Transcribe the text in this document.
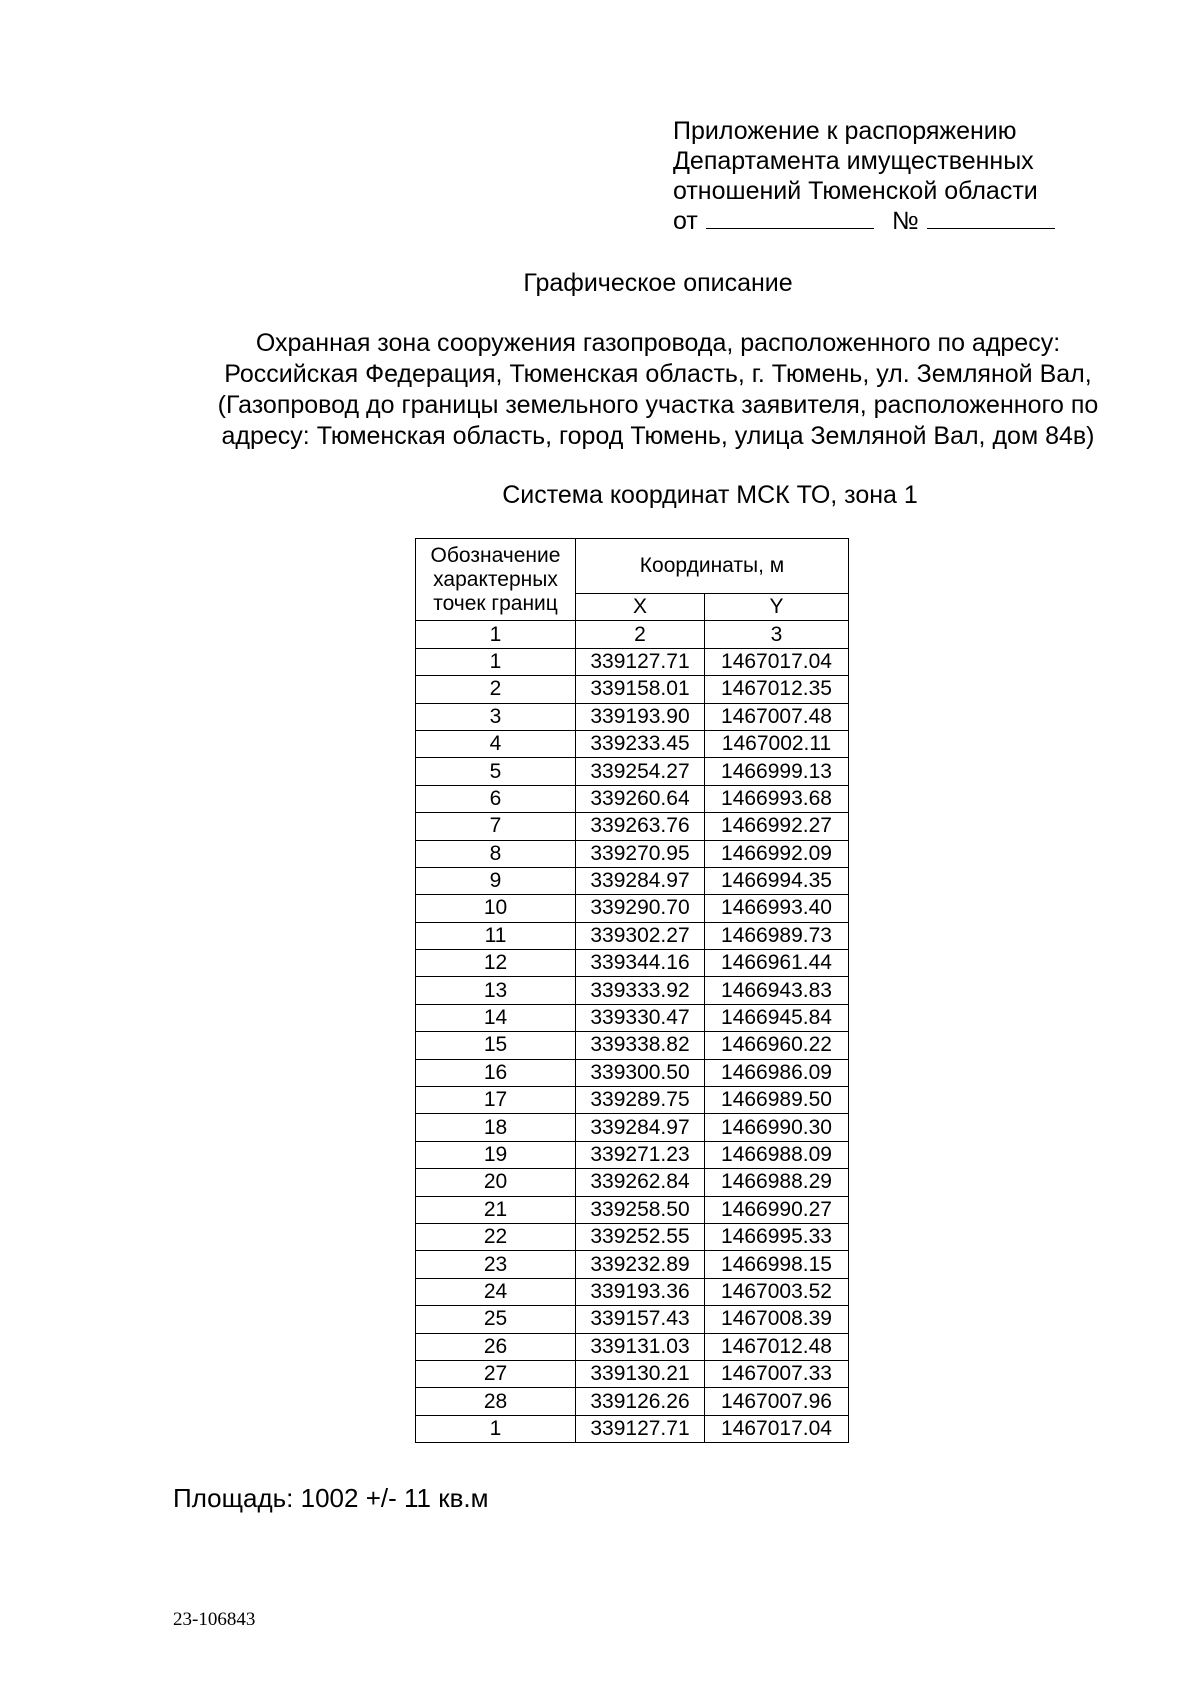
Приложение к распоряжению
Департамента имущественных
отношений Тюменской области
от	№
Графическое описание
Охранная зона сооружения газопровода, расположенного по адресу:
Российская Федерация, Тюменская область, г. Тюмень, ул. Земляной Вал,
(Газопровод до границы земельного участка заявителя, расположенного по
адресу: Тюменская область, город Тюмень, улица Земляной Вал, дом 84в)
Система координат МСК ТО, зона 1
Обозначение
характерных
точек границ	Координаты, м	
	X	Y
1	2	3
1	339127.71	1467017.04
2	339158.01	1467012.35
3	339193.90	1467007.48
4	339233.45	1467002.11
5	339254.27	1466999.13
6	339260.64	1466993.68
7	339263.76	1466992.27
8	339270.95	1466992.09
9	339284.97	1466994.35
10	339290.70	1466993.40
11	339302.27	1466989.73
12	339344.16	1466961.44
13	339333.92	1466943.83
14	339330.47	1466945.84
15	339338.82	1466960.22
16	339300.50	1466986.09
17	339289.75	1466989.50
18	339284.97	1466990.30
19	339271.23	1466988.09
20	339262.84	1466988.29
21	339258.50	1466990.27
22	339252.55	1466995.33
23	339232.89	1466998.15
24	339193.36	1467003.52
25	339157.43	1467008.39
26	339131.03	1467012.48
27	339130.21	1467007.33
28	339126.26	1467007.96
1	339127.71	1467017.04
Площадь: 1002 +/- 11 кв.м
23-106843
